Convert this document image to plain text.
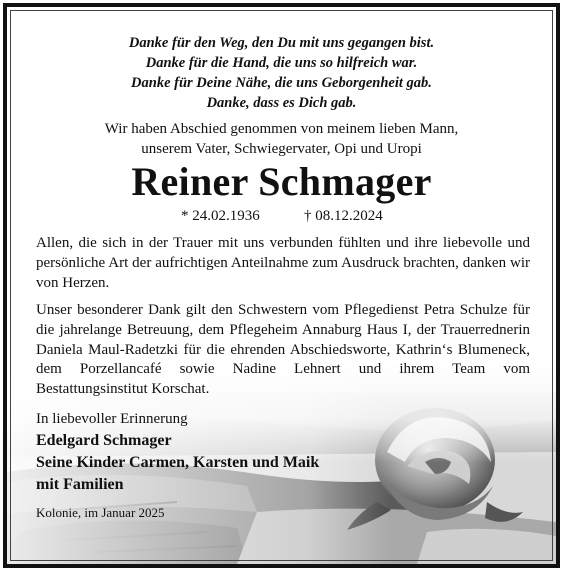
Danke für den Weg, den Du mit uns gegangen bist.
Danke für die Hand, die uns so hilfreich war.
Danke für Deine Nähe, die uns Geborgenheit gab.
Danke, dass es Dich gab.
Wir haben Abschied genommen von meinem lieben Mann,
unserem Vater, Schwiegervater, Opi und Uropi
Reiner Schmager
* 24.02.1936	† 08.12.2024
Allen, die sich in der Trauer mit uns verbunden fühlten und ihre liebevolle und persönliche Art der aufrichtigen Anteilnahme zum Ausdruck brachten, danken wir von Herzen.
Unser besonderer Dank gilt den Schwestern vom Pflegedienst Petra Schulze für die jahrelange Betreuung, dem Pflegeheim Annaburg Haus I, der Trauerrednerin Daniela Maul-Radetzki für die ehrenden Abschiedsworte, Kathrin‘s Blumeneck, dem Porzellancafé sowie Nadine Lehnert und ihrem Team vom Bestattungsinstitut Korschat.
In liebevoller Erinnerung
Edelgard Schmager
Seine Kinder Carmen, Karsten und Maik
mit Familien
Kolonie, im Januar 2025
